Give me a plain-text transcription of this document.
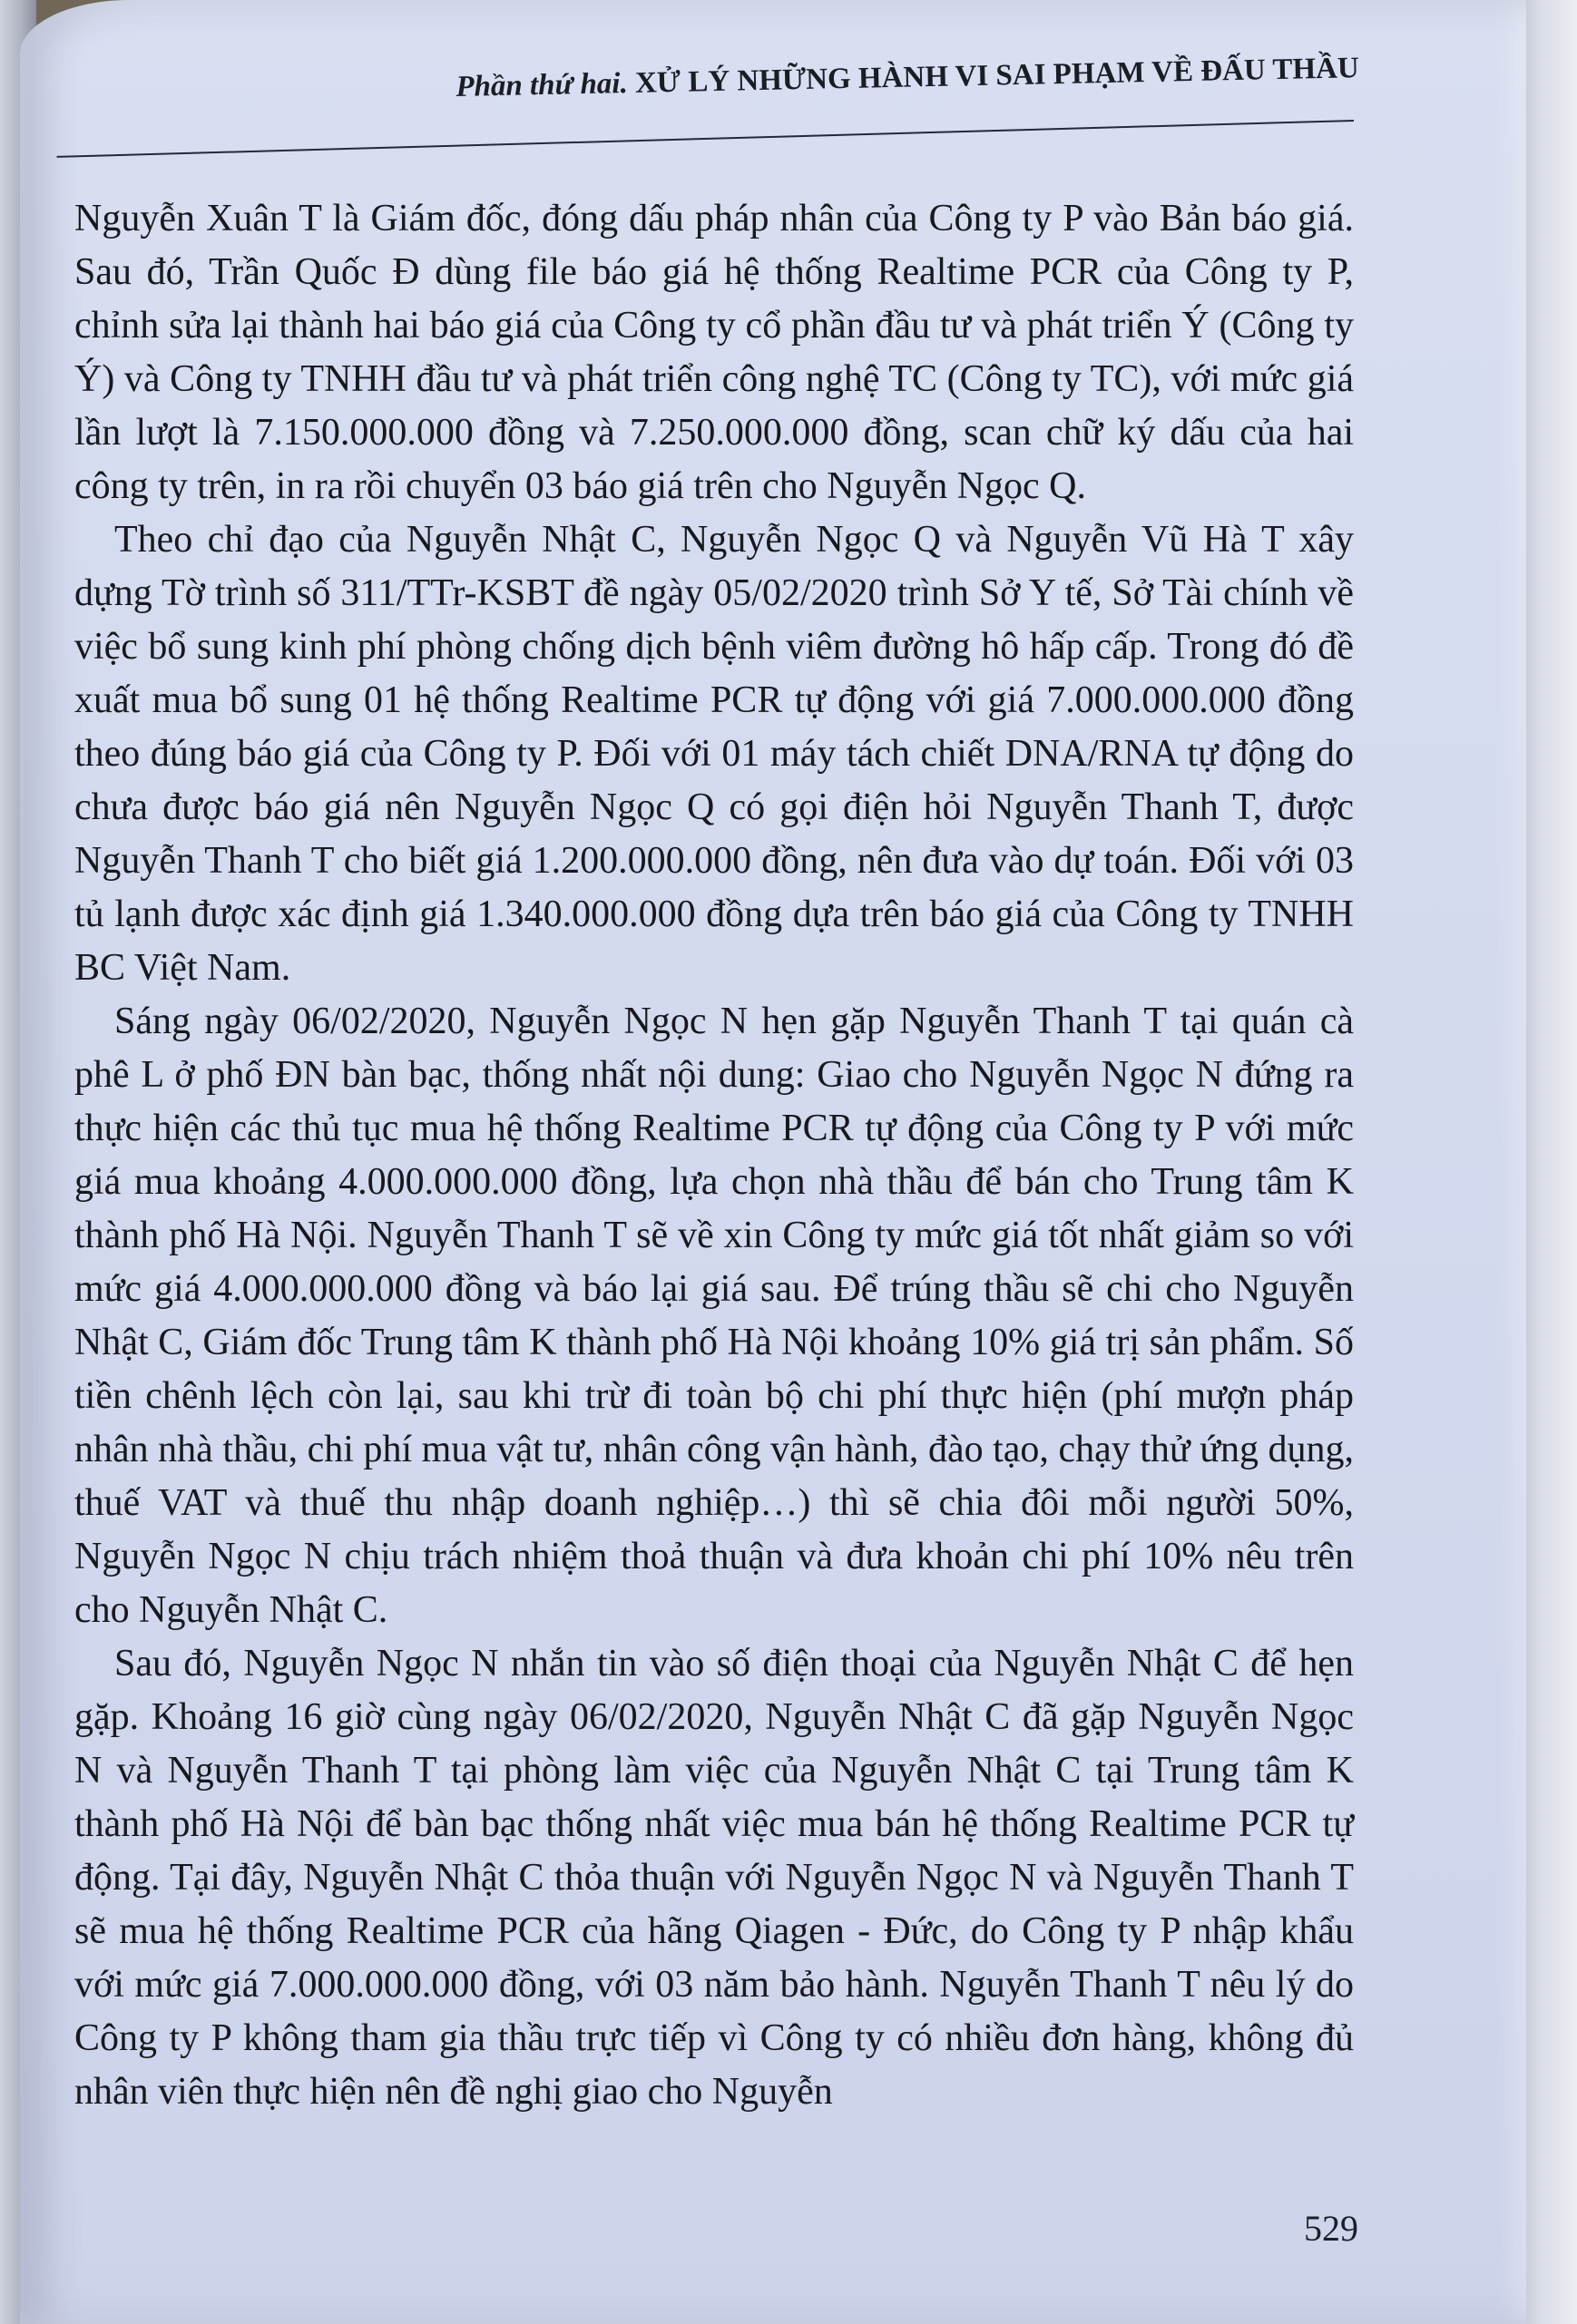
Phần thứ hai. XỬ LÝ NHỮNG HÀNH VI SAI PHẠM VỀ ĐẤU THẦU

Nguyễn Xuân T là Giám đốc, đóng dấu pháp nhân của Công ty P vào Bản báo giá. Sau đó, Trần Quốc Đ dùng file báo giá hệ thống Realtime PCR của Công ty P, chỉnh sửa lại thành hai báo giá của Công ty cổ phần đầu tư và phát triển Ý (Công ty Ý) và Công ty TNHH đầu tư và phát triển công nghệ TC (Công ty TC), với mức giá lần lượt là 7.150.000.000 đồng và 7.250.000.000 đồng, scan chữ ký dấu của hai công ty trên, in ra rồi chuyển 03 báo giá trên cho Nguyễn Ngọc Q.

Theo chỉ đạo của Nguyễn Nhật C, Nguyễn Ngọc Q và Nguyễn Vũ Hà T xây dựng Tờ trình số 311/TTr-KSBT đề ngày 05/02/2020 trình Sở Y tế, Sở Tài chính về việc bổ sung kinh phí phòng chống dịch bệnh viêm đường hô hấp cấp. Trong đó đề xuất mua bổ sung 01 hệ thống Realtime PCR tự động với giá 7.000.000.000 đồng theo đúng báo giá của Công ty P. Đối với 01 máy tách chiết DNA/RNA tự động do chưa được báo giá nên Nguyễn Ngọc Q có gọi điện hỏi Nguyễn Thanh T, được Nguyễn Thanh T cho biết giá 1.200.000.000 đồng, nên đưa vào dự toán. Đối với 03 tủ lạnh được xác định giá 1.340.000.000 đồng dựa trên báo giá của Công ty TNHH BC Việt Nam.

Sáng ngày 06/02/2020, Nguyễn Ngọc N hẹn gặp Nguyễn Thanh T tại quán cà phê L ở phố ĐN bàn bạc, thống nhất nội dung: Giao cho Nguyễn Ngọc N đứng ra thực hiện các thủ tục mua hệ thống Realtime PCR tự động của Công ty P với mức giá mua khoảng 4.000.000.000 đồng, lựa chọn nhà thầu để bán cho Trung tâm K thành phố Hà Nội. Nguyễn Thanh T sẽ về xin Công ty mức giá tốt nhất giảm so với mức giá 4.000.000.000 đồng và báo lại giá sau. Để trúng thầu sẽ chi cho Nguyễn Nhật C, Giám đốc Trung tâm K thành phố Hà Nội khoảng 10% giá trị sản phẩm. Số tiền chênh lệch còn lại, sau khi trừ đi toàn bộ chi phí thực hiện (phí mượn pháp nhân nhà thầu, chi phí mua vật tư, nhân công vận hành, đào tạo, chạy thử ứng dụng, thuế VAT và thuế thu nhập doanh nghiệp…) thì sẽ chia đôi mỗi người 50%, Nguyễn Ngọc N chịu trách nhiệm thoả thuận và đưa khoản chi phí 10% nêu trên cho Nguyễn Nhật C.

Sau đó, Nguyễn Ngọc N nhắn tin vào số điện thoại của Nguyễn Nhật C để hẹn gặp. Khoảng 16 giờ cùng ngày 06/02/2020, Nguyễn Nhật C đã gặp Nguyễn Ngọc N và Nguyễn Thanh T tại phòng làm việc của Nguyễn Nhật C tại Trung tâm K thành phố Hà Nội để bàn bạc thống nhất việc mua bán hệ thống Realtime PCR tự động. Tại đây, Nguyễn Nhật C thỏa thuận với Nguyễn Ngọc N và Nguyễn Thanh T sẽ mua hệ thống Realtime PCR của hãng Qiagen - Đức, do Công ty P nhập khẩu với mức giá 7.000.000.000 đồng, với 03 năm bảo hành. Nguyễn Thanh T nêu lý do Công ty P không tham gia thầu trực tiếp vì Công ty có nhiều đơn hàng, không đủ nhân viên thực hiện nên đề nghị giao cho Nguyễn

529
